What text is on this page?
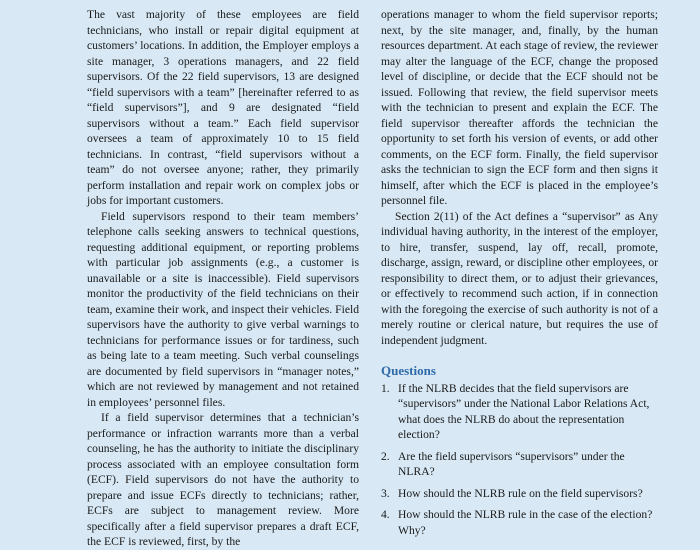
The vast majority of these employees are field technicians, who install or repair digital equipment at customers’ locations. In addition, the Employer employs a site manager, 3 operations managers, and 22 field supervisors. Of the 22 field supervisors, 13 are designed “field supervisors with a team” [hereinafter referred to as “field supervisors”], and 9 are designated “field supervisors without a team.” Each field supervisor oversees a team of approximately 10 to 15 field technicians. In contrast, “field supervisors without a team” do not oversee anyone; rather, they primarily perform installation and repair work on complex jobs or jobs for important customers.

Field supervisors respond to their team members’ telephone calls seeking answers to technical questions, requesting additional equipment, or reporting problems with particular job assignments (e.g., a customer is unavailable or a site is inaccessible). Field supervisors monitor the productivity of the field technicians on their team, examine their work, and inspect their vehicles. Field supervisors have the authority to give verbal warnings to technicians for performance issues or for tardiness, such as being late to a team meeting. Such verbal counselings are documented by field supervisors in “manager notes,” which are not reviewed by management and not retained in employees’ personnel files.

If a field supervisor determines that a technician’s performance or infraction warrants more than a verbal counseling, he has the authority to initiate the disciplinary process associated with an employee consultation form (ECF). Field supervisors do not have the authority to prepare and issue ECFs directly to technicians; rather, ECFs are subject to management review. More specifically after a field supervisor prepares a draft ECF, the ECF is reviewed, first, by the

operations manager to whom the field supervisor reports; next, by the site manager, and, finally, by the human resources department. At each stage of review, the reviewer may alter the language of the ECF, change the proposed level of discipline, or decide that the ECF should not be issued. Following that review, the field supervisor meets with the technician to present and explain the ECF. The field supervisor thereafter affords the technician the opportunity to set forth his version of events, or add other comments, on the ECF form. Finally, the field supervisor asks the technician to sign the ECF form and then signs it himself, after which the ECF is placed in the employee’s personnel file.

Section 2(11) of the Act defines a “supervisor” as Any individual having authority, in the interest of the employer, to hire, transfer, suspend, lay off, recall, promote, discharge, assign, reward, or discipline other employees, or responsibility to direct them, or to adjust their grievances, or effectively to recommend such action, if in connection with the foregoing the exercise of such authority is not of a merely routine or clerical nature, but requires the use of independent judgment.

Questions
1. If the NLRB decides that the field supervisors are “supervisors” under the National Labor Relations Act, what does the NLRB do about the representation election?
2. Are the field supervisors “supervisors” under the NLRA?
3. How should the NLRB rule on the field supervisors?
4. How should the NLRB rule in the case of the election? Why?
